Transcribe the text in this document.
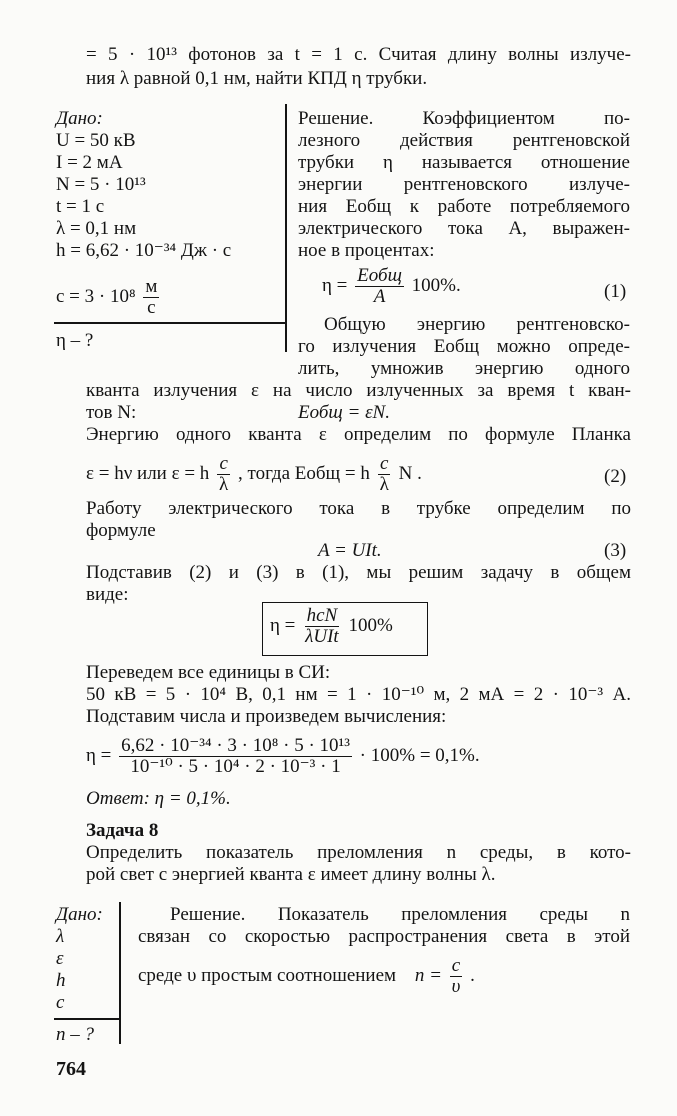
= 5 · 10¹³ фотонов за t = 1 с. Считая длину волны излуче-
ния λ равной 0,1 нм, найти КПД η трубки.
Дано:
U = 50 кВ
I = 2 мА
N = 5 · 10¹³
t = 1 с
λ = 0,1 нм
h = 6,62 · 10⁻³⁴ Дж · с
$c = 3 \cdot 10^8 \frac{м}{с}$
η – ?
Решение. Коэффициентом по-
лезного действия рентгеновской
трубки η называется отношение
энергии рентгеновского излуче-
ния Eобщ к работе потребляемого
электрического тока A, выражен-
ное в процентах:
$\eta = \frac{\text{Eобщ}}{A} 100\%$.	(1)
Общую энергию рентгеновско-
го излучения Eобщ можно опреде-
лить, умножив энергию одного
кванта излучения ε на число излученных за время t кван-
тов N:	Eобщ = εN.
Энергию одного кванта ε определим по формуле Планка
ε = hν или ε = h $\frac{c}{\lambda}$ , тогда Eобщ = h $\frac{c}{\lambda}$ N .	(2)
Работу электрического тока в трубке определим по
формуле
A = UIt.	(3)
Подставив (2) и (3) в (1), мы решим задачу в общем
виде:
$\eta = \frac{\text{hcN}}{\text{λUIt}} 100\%$
Переведем все единицы в СИ:
50 кВ = 5 · 10⁴ В, 0,1 нм = 1 · 10⁻¹⁰ м, 2 мА = 2 · 10⁻³ А.
Подставим числа и произведем вычисления:
$\eta = \frac{\text{6,62 · 10⁻³⁴ · 3 · 10⁸ · 5 · 10¹³}}{\text{10⁻¹⁰ · 5 · 10⁴ · 2 · 10⁻³ · 1}} \cdot 100\% = 0,1\%$.
Ответ: η = 0,1%.
Задача 8
Определить показатель преломления n среды, в кото-
рой свет с энергией кванта ε имеет длину волны λ.
Дано:
λ
ε
h
c
n – ?
Решение. Показатель преломления среды n
связан со скоростью распространения света в этой
среде υ простым соотношением $n = \frac{c}{\upsilon}$ .
764
